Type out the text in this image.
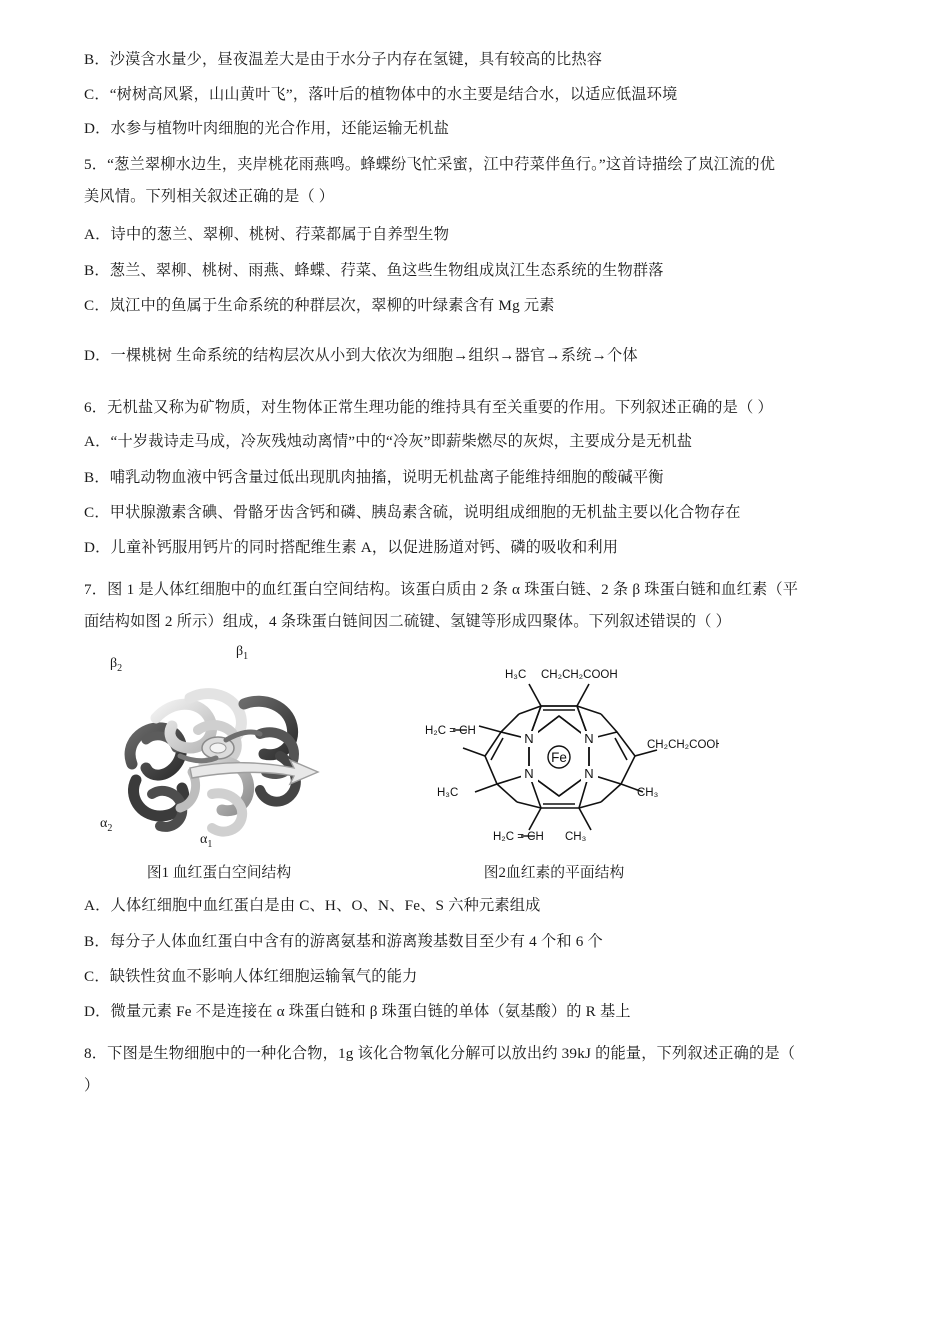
B．沙漠含水量少，昼夜温差大是由于水分子内存在氢键，具有较高的比热容

C．“树树高风紧，山山黄叶飞”，落叶后的植物体中的水主要是结合水，以适应低温环境

D．水参与植物叶肉细胞的光合作用，还能运输无机盐

5．“葱兰翠柳水边生，夹岸桃花雨燕鸣。蜂蝶纷飞忙采蜜，江中荇菜伴鱼行。”这首诗描绘了岚江流的优

美风情。下列相关叙述正确的是（ ）

A．诗中的葱兰、翠柳、桃树、荇菜都属于自养型生物

B．葱兰、翠柳、桃树、雨燕、蜂蝶、荇菜、鱼这些生物组成岚江生态系统的生物群落

C．岚江中的鱼属于生命系统的种群层次，翠柳的叶绿素含有 Mg 元素

D．一棵桃树 生命系统的结构层次从小到大依次为细胞→组织→器官→系统→个体

6．无机盐又称为矿物质，对生物体正常生理功能的维持具有至关重要的作用。下列叙述正确的是（ ）

A．“十岁裁诗走马成，冷灰残烛动离情”中的“冷灰”即薪柴燃尽的灰烬，主要成分是无机盐

B．哺乳动物血液中钙含量过低出现肌肉抽搐，说明无机盐离子能维持细胞的酸碱平衡

C．甲状腺激素含碘、骨骼牙齿含钙和磷、胰岛素含硫，说明组成细胞的无机盐主要以化合物存在

D．儿童补钙服用钙片的同时搭配维生素 A，以促进肠道对钙、磷的吸收和利用

7．图 1 是人体红细胞中的血红蛋白空间结构。该蛋白质由 2 条 α 珠蛋白链、2 条 β 珠蛋白链和血红素（平

面结构如图 2 所示）组成，4 条珠蛋白链间因二硫键、氢键等形成四聚体。下列叙述错误的（ ）

$\beta_2$
$\beta_1$
$\alpha_2$
$\alpha_1$
N	N
N	N
Fe
H₃C CH₂CH₂COOH
H₂C = CH
CH₂CH₂COOH
H₃C	CH₃
H₂C = CH CH₃
图1 血红蛋白空间结构	图2血红素的平面结构

A．人体红细胞中血红蛋白是由 C、H、O、N、Fe、S 六种元素组成

B．每分子人体血红蛋白中含有的游离氨基和游离羧基数目至少有 4 个和 6 个

C．缺铁性贫血不影响人体红细胞运输氧气的能力

D．微量元素 Fe 不是连接在 α 珠蛋白链和 β 珠蛋白链的单体（氨基酸）的 R 基上

8．下图是生物细胞中的一种化合物，1g 该化合物氧化分解可以放出约 39kJ 的能量，下列叙述正确的是（

）
